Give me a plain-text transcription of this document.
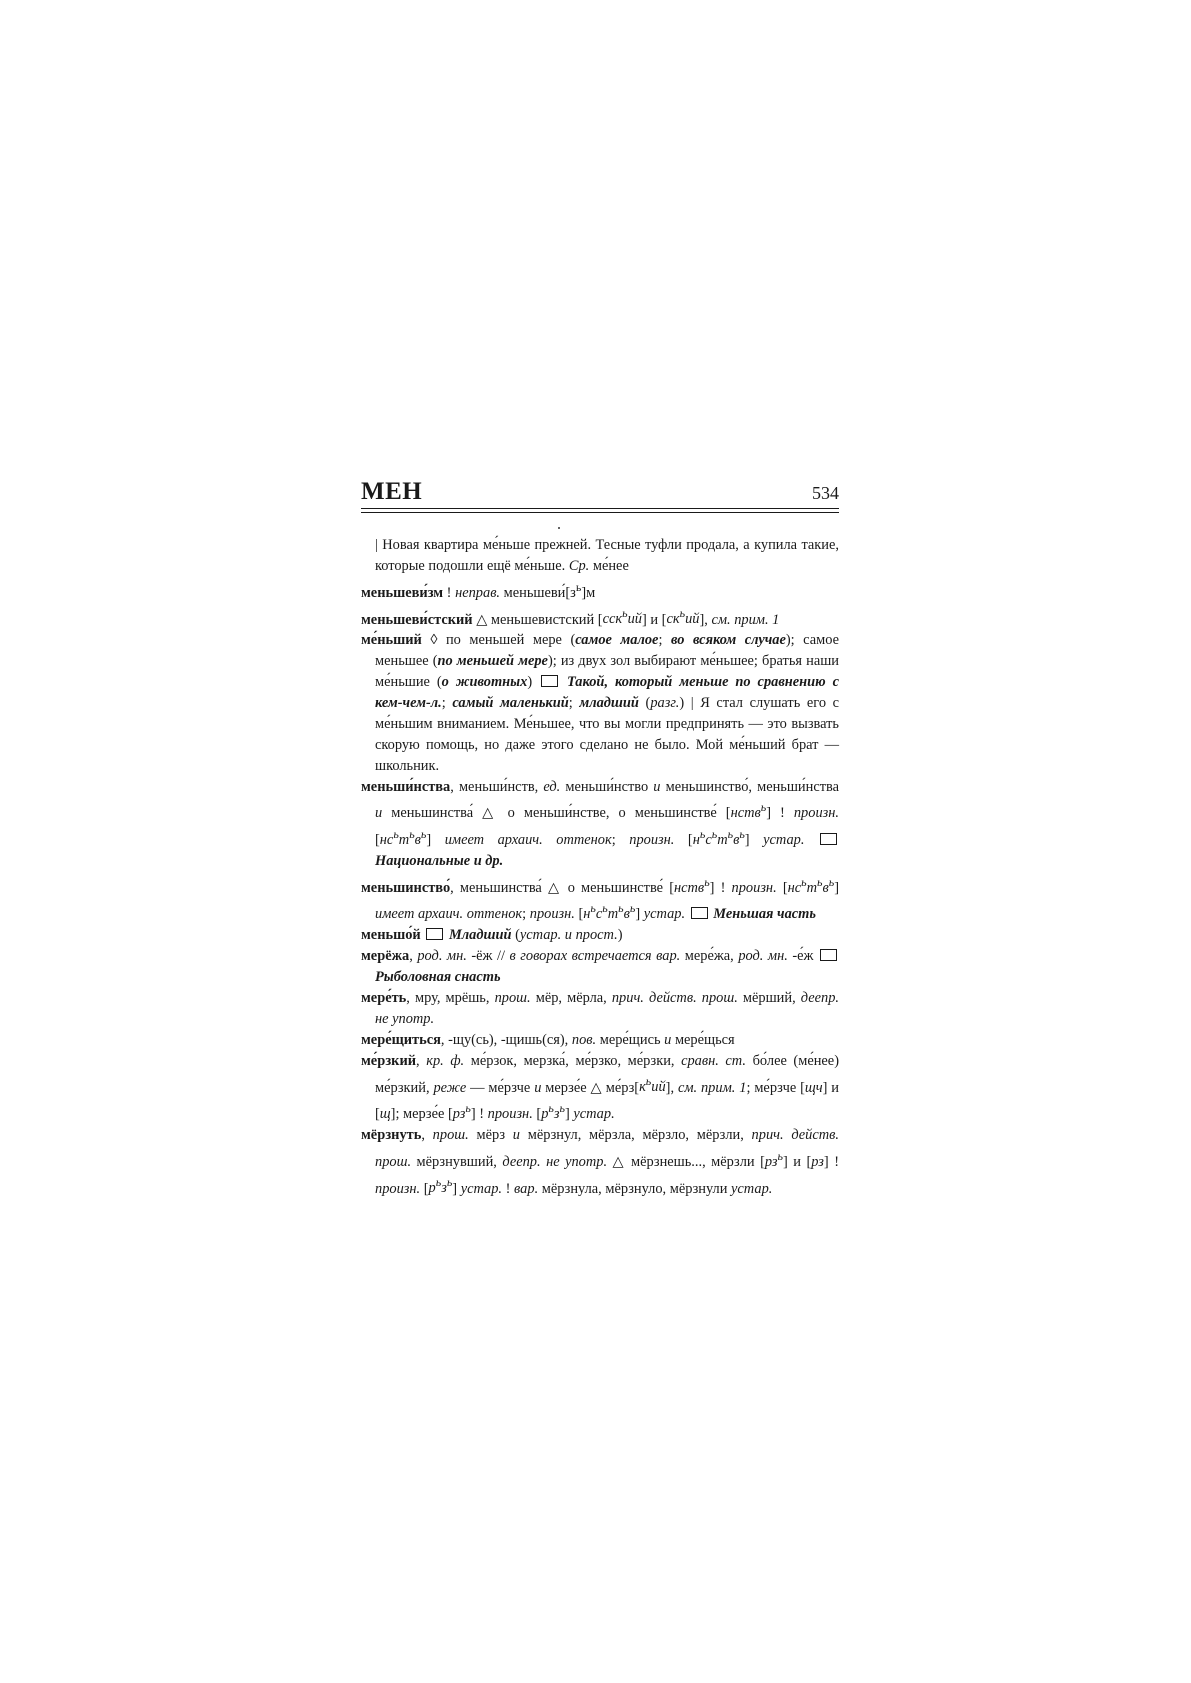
МЕН	534

| Новая квартира ме́ньше прежней. Тесные туфли продала, а купила такие, которые подошли ещё ме́ньше. Ср. ме́нее

меньшеви́зм ! неправ. $меньшеви́[з^ь]м$

меньшеви́стский △ меньшевистский [сск$^ь$ий] и $[ск^ьий]$, см. прим. 1

ме́ньший ◊ по меньшей мере (самое малое; во всяком случае); самое меньшее (по меньшей мере); из двух зол выбирают ме́ньшее; братья наши ме́ньшие (о животных)  Такой, который меньше по сравнению с кем-чем-л.; самый маленький; младший (разг.) | Я стал слушать его с ме́ньшим вниманием. Ме́ньшее, что вы могли предпринять — это вызвать скорую помощь, но даже этого сделано не было. Мой ме́ньший брат — школьник.

меньши́нства, меньши́нств, ед. меньши́нство и меньшинство́, меньши́нства и меньшинства́ △ о меньши́нстве, о меньшинстве́ [нств$^ь$] ! произн. $[нс^ьт^ьв^ь]$ имеет архаич. оттенок; произн. $[н^ьс^ьт^ьв^ь]$ устар.  Национальные и др.

меньшинство́, меньшинства́ △ о меньшинстве́ [нств$^ь$] ! произн. $[нс^ьт^ьв^ь]$ имеет архаич. оттенок; произн. $[н^ьс^ьт^ьв^ь]$ устар. Меньшая часть

меньшо́й Младший (устар. и прост.)

мерёжа, род. мн. -ёж // в говорах встречается вар. мере́жа, род. мн. -е́ж  Рыболовная снасть

мере́ть, мру, мрёшь, прош. мёр, мёрла, прич. действ. прош. мёрший, деепр. не употр.

мере́щиться, -щу(сь), -щишь(ся), пов. мере́щись и мере́щься

ме́рзкий, кр. ф. ме́рзок, мерзка́, ме́рзко, ме́рзки, сравн. ст. бо́лее (ме́нее) ме́рзкий, реже — ме́рзче и мерзе́е △ $ме́рз[к^ьий]$, см. прим. 1; ме́рзче [щч] и [щ]; мерзе́е $[рз^ь]$ ! произн. $[р^ьз^ь]$ устар.

мёрзнуть, прош. мёрз и мёрзнул, мёрзла, мёрзло, мёрзли, прич. действ. прош. мёрзнувший, деепр. не употр. △ мёрзнешь..., мёрзли $[рз^ь]$ и [рз] ! произн. $[р^ьз^ь]$ устар. ! вар. мёрзнула, мёрзнуло, мёрзнули устар.
